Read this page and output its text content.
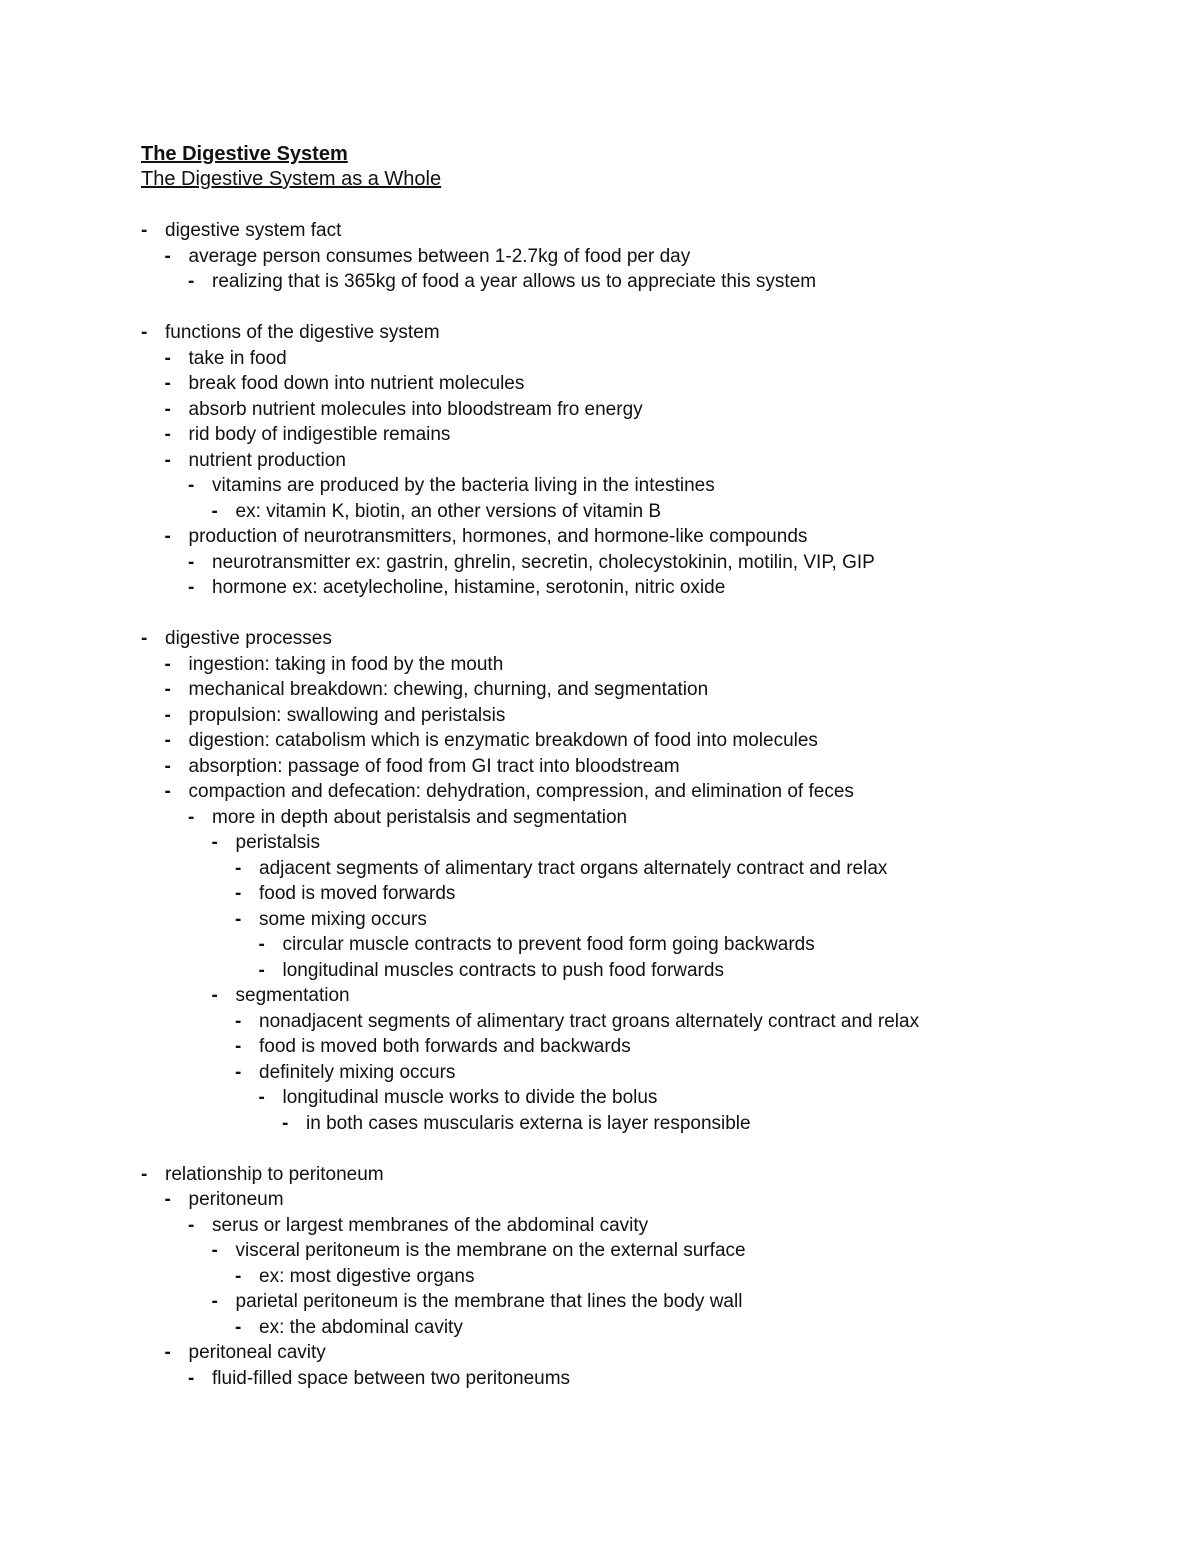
The Digestive System
The Digestive System as a Whole
- digestive system fact
- average person consumes between 1-2.7kg of food per day
- realizing that is 365kg of food a year allows us to appreciate this system
- functions of the digestive system
- take in food
- break food down into nutrient molecules
- absorb nutrient molecules into bloodstream fro energy
- rid body of indigestible remains
- nutrient production
- vitamins are produced by the bacteria living in the intestines
- ex: vitamin K, biotin, an other versions of vitamin B
- production of neurotransmitters, hormones, and hormone-like compounds
- neurotransmitter ex: gastrin, ghrelin, secretin, cholecystokinin, motilin, VIP, GIP
- hormone ex: acetylecholine, histamine, serotonin, nitric oxide
- digestive processes
- ingestion: taking in food by the mouth
- mechanical breakdown: chewing, churning, and segmentation
- propulsion: swallowing and peristalsis
- digestion: catabolism which is enzymatic breakdown of food into molecules
- absorption: passage of food from GI tract into bloodstream
- compaction and defecation: dehydration, compression, and elimination of feces
- more in depth about peristalsis and segmentation
- peristalsis
- adjacent segments of alimentary tract organs alternately contract and relax
- food is moved forwards
- some mixing occurs
- circular muscle contracts to prevent food form going backwards
- longitudinal muscles contracts to push food forwards
- segmentation
- nonadjacent segments of alimentary tract groans alternately contract and relax
- food is moved both forwards and backwards
- definitely mixing occurs
- longitudinal muscle works to divide the bolus
- in both cases muscularis externa is layer responsible
- relationship to peritoneum
- peritoneum
- serus or largest membranes of the abdominal cavity
- visceral peritoneum is the membrane on the external surface
- ex: most digestive organs
- parietal peritoneum is the membrane that lines the body wall
- ex: the abdominal cavity
- peritoneal cavity
- fluid-filled space between two peritoneums
